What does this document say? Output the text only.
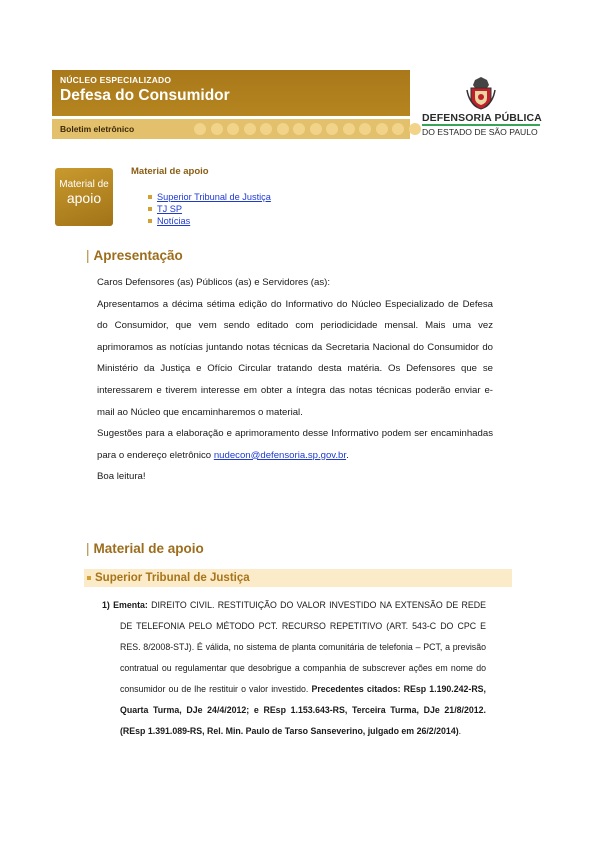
NÚCLEO ESPECIALIZADO
Defesa do Consumidor
Boletim eletrônico
DEFENSORIA PÚBLICA
DO ESTADO DE SÃO PAULO
Material de
apoio
Material de apoio
Superior Tribunal de Justiça
TJ SP
Notícias
| Apresentação

Caros Defensores (as) Públicos (as) e Servidores (as):

Apresentamos a décima sétima edição do Informativo do Núcleo Especializado de Defesa do Consumidor, que vem sendo editado com periodicidade mensal. Mais uma vez aprimoramos as notícias juntando notas técnicas da Secretaria Nacional do Consumidor do Ministério da Justiça e Ofício Circular tratando desta matéria. Os Defensores que se interessarem e tiverem interesse em obter a íntegra das notas técnicas poderão enviar e-mail ao Núcleo que encaminharemos o material.

Sugestões para a elaboração e aprimoramento desse Informativo podem ser encaminhadas para o endereço eletrônico nudecon@defensoria.sp.gov.br.

Boa leitura!

| Material de apoio
Superior Tribunal de Justiça

1) Ementa: DIREITO CIVIL. RESTITUIÇÃO DO VALOR INVESTIDO NA EXTENSÃO DE REDE DE TELEFONIA PELO MÉTODO PCT. RECURSO REPETITIVO (ART. 543-C DO CPC E RES. 8/2008-STJ). É válida, no sistema de planta comunitária de telefonia – PCT, a previsão contratual ou regulamentar que desobrigue a companhia de subscrever ações em nome do consumidor ou de lhe restituir o valor investido. Precedentes citados: REsp 1.190.242-RS, Quarta Turma, DJe 24/4/2012; e REsp 1.153.643-RS, Terceira Turma, DJe 21/8/2012. (REsp 1.391.089-RS, Rel. Min. Paulo de Tarso Sanseverino, julgado em 26/2/2014).
